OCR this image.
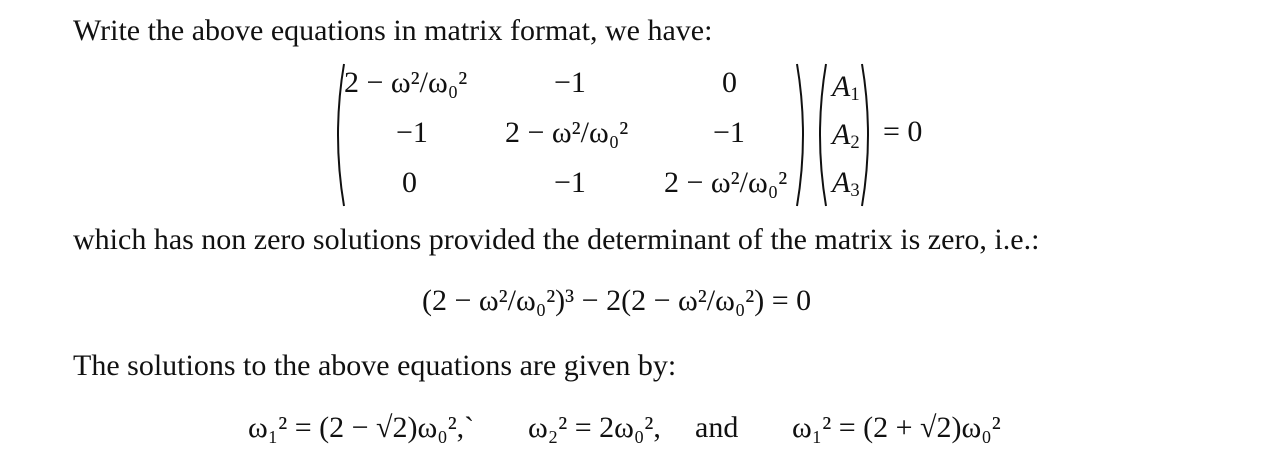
Write the above equations in matrix format, we have:
2 − ω²/ω₀²	−1	0
−1	2 − ω²/ω₀²	−1
0	−1	2 − ω²/ω₀²
$A_1$
$A_2$
$A_3$
= 0
which has non zero solutions provided the determinant of the matrix is zero, i.e.:
(2 − ω²/ω₀²)³ − 2(2 − ω²/ω₀²) = 0
The solutions to the above equations are given by:
ω₁² = (2 − √2)ω₀²,` ω₂² = 2ω₀², and ω₁² = (2 + √2)ω₀²
